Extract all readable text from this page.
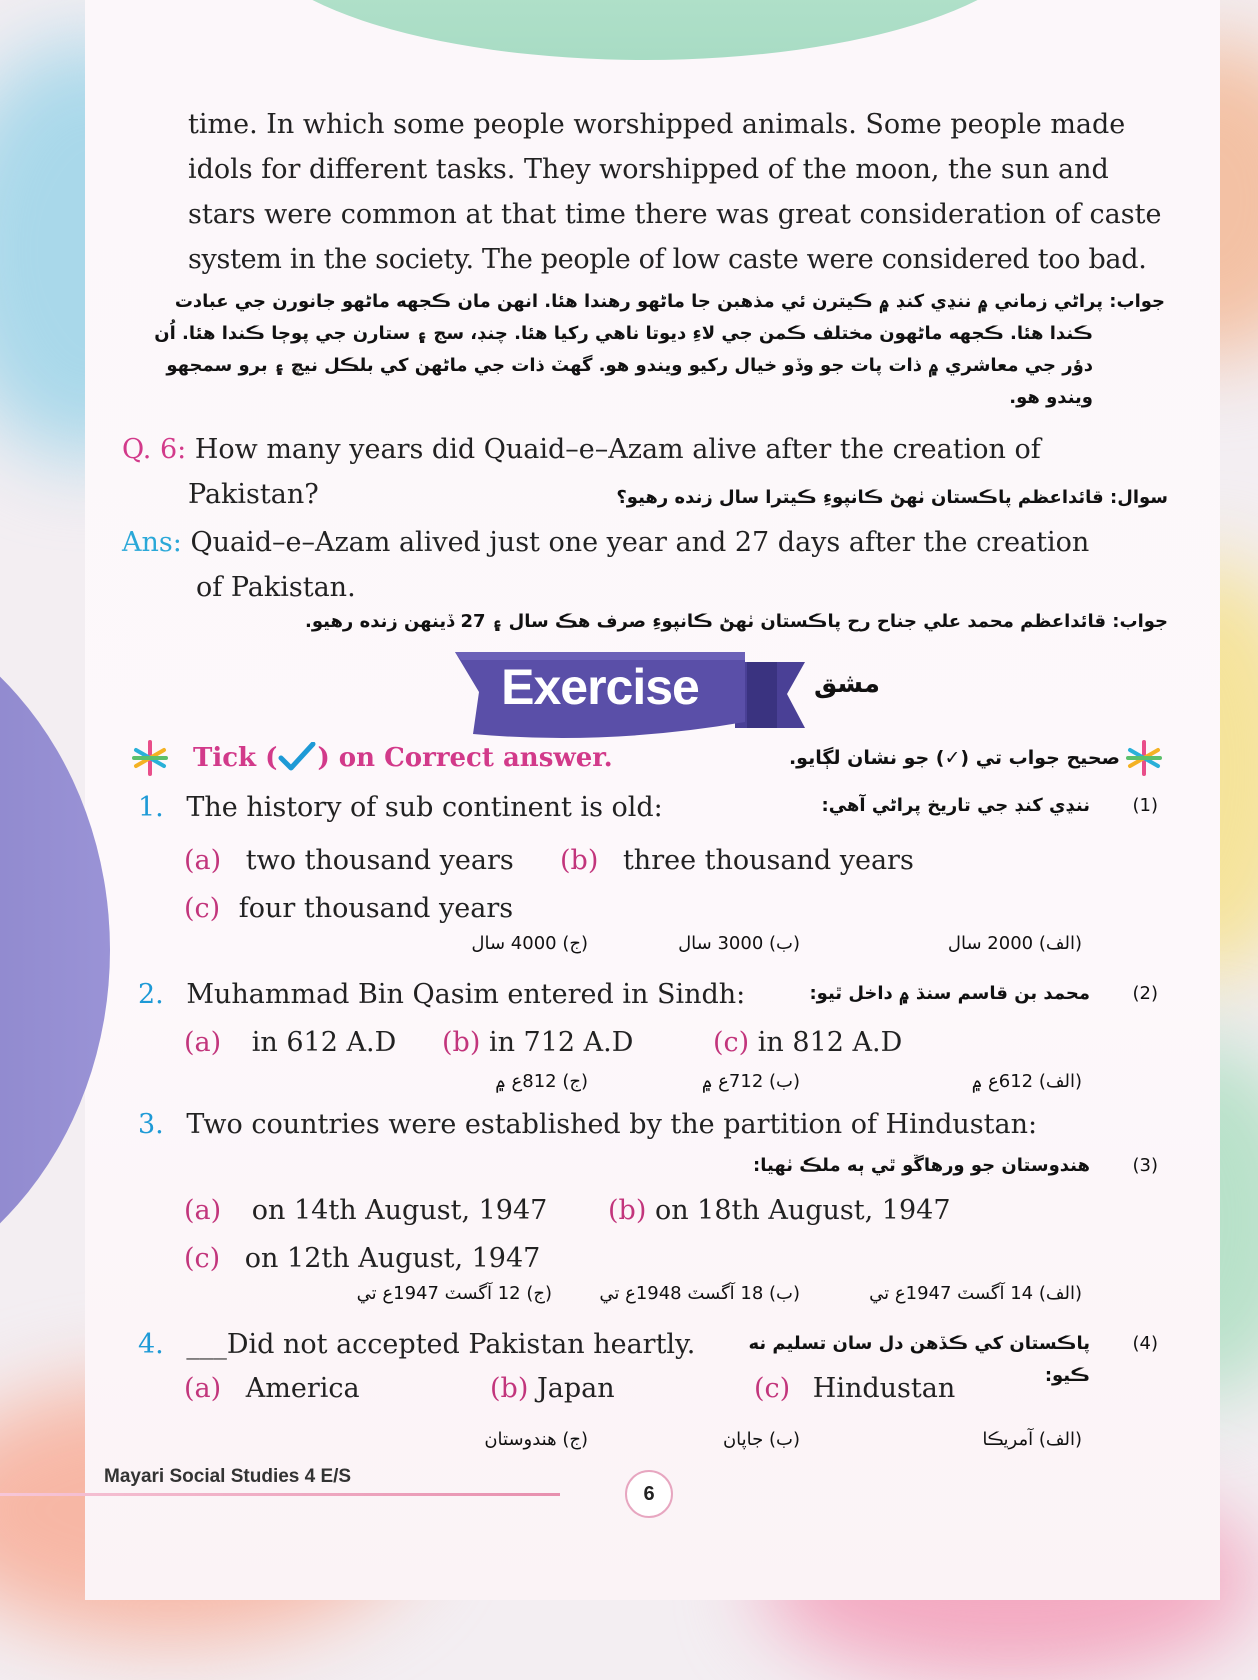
time. In which some people worshipped animals. Some people made
idols for different tasks. They worshipped of the moon, the sun and
stars were common at that time there was great consideration of caste
system in the society. The people of low caste were considered too bad.
جواب: پراڻي زماني ۾ ننڍي کنڊ ۾ ڪيترن ئي مذهبن جا ماڻهو رهندا هئا. انهن مان ڪجهه ماڻهو جانورن جي عبادت
ڪندا هئا. ڪجهه ماڻهون مختلف ڪمن جي لاءِ ديوتا ناهي رکيا هئا. چنڊ، سج ۽ ستارن جي پوڄا ڪندا هئا. اُن
دؤر جي معاشري ۾ ذات پات جو وڏو خيال رکيو ويندو هو. گهٽ ذات جي ماڻهن کي بلڪل نيچ ۽ برو سمجهو
ويندو هو.
Q. 6: How many years did Quaid–e–Azam alive after the creation of
Pakistan?	سوال: قائداعظم پاڪستان ٺهڻ ڪانپوءِ ڪيترا سال زنده رهيو؟
Ans: Quaid–e–Azam alived just one year and 27 days after the creation
of Pakistan.
جواب: قائداعظم محمد علي جناح رح پاڪستان ٺهڻ ڪانپوءِ صرف هڪ سال ۽ 27 ڏينهن زنده رهيو.
Exercise	مشق
Tick ( ) on Correct answer.	صحيح جواب تي (✓) جو نشان لڳايو.
1. The history of sub continent is old:	ننڍي کنڊ جي تاريخ پراڻي آهي:	(1)
(a) two thousand years (b) three thousand years
(c) four thousand years
(الف) 2000 سال
(ب) 3000 سال
(ج) 4000 سال
2. Muhammad Bin Qasim entered in Sindh:	محمد بن قاسم سنڌ ۾ داخل ٿيو:	(2)
(a) in 612 A.D (b) in 712 A.D	(c) in 812 A.D
(الف) 612ع ۾
(ب) 712ع ۾
(ج) 812ع ۾
3. Two countries were established by the partition of Hindustan:
هندوستان جو ورهاڱو ٿي ٻه ملڪ ٺهيا:	(3)
(a) on 14th August, 1947 (b) on 18th August, 1947
(c) on 12th August, 1947
(الف) 14 آگسٽ 1947ع تي
(ب) 18 آگسٽ 1948ع تي
(ج) 12 آگسٽ 1947ع تي
4. ___Did not accepted Pakistan heartly.	پاڪستان کي ڪڏهن دل سان تسليم نه ڪيو:
(4)
(a) America	(b) Japan	(c) Hindustan
(الف) آمريڪا
(ب) جاپان
(ج) هندوستان
Mayari Social Studies 4 E/S
6
